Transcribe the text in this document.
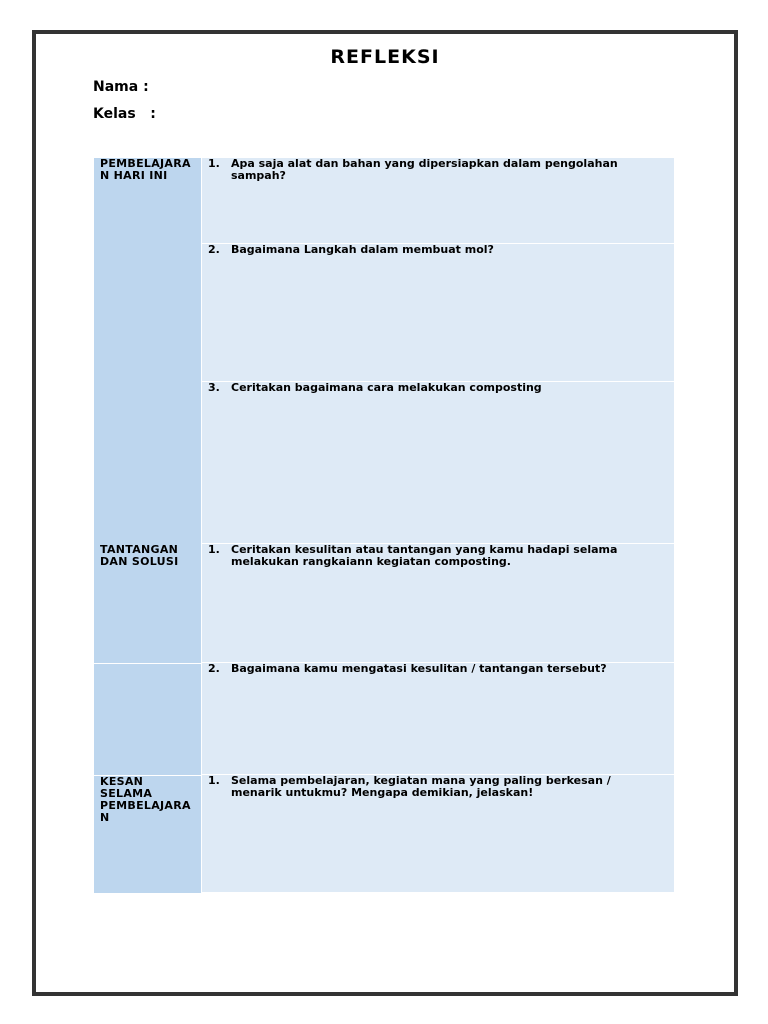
REFLEKSI
Nama :
Kelas   :
PEMBELAJARA
N HARI INI
1.	Apa saja alat dan bahan yang dipersiapkan dalam pengolahan sampah?
2.	Bagaimana Langkah dalam membuat mol?
3.	Ceritakan bagaimana cara melakukan composting
TANTANGAN
DAN SOLUSI
1.	Ceritakan kesulitan atau tantangan yang kamu hadapi selama melakukan rangkaiann kegiatan composting.
2.	Bagaimana kamu mengatasi kesulitan / tantangan tersebut?
KESAN
SELAMA
PEMBELAJARA
N
1.	Selama pembelajaran, kegiatan mana yang paling berkesan / menarik untukmu? Mengapa demikian, jelaskan!
